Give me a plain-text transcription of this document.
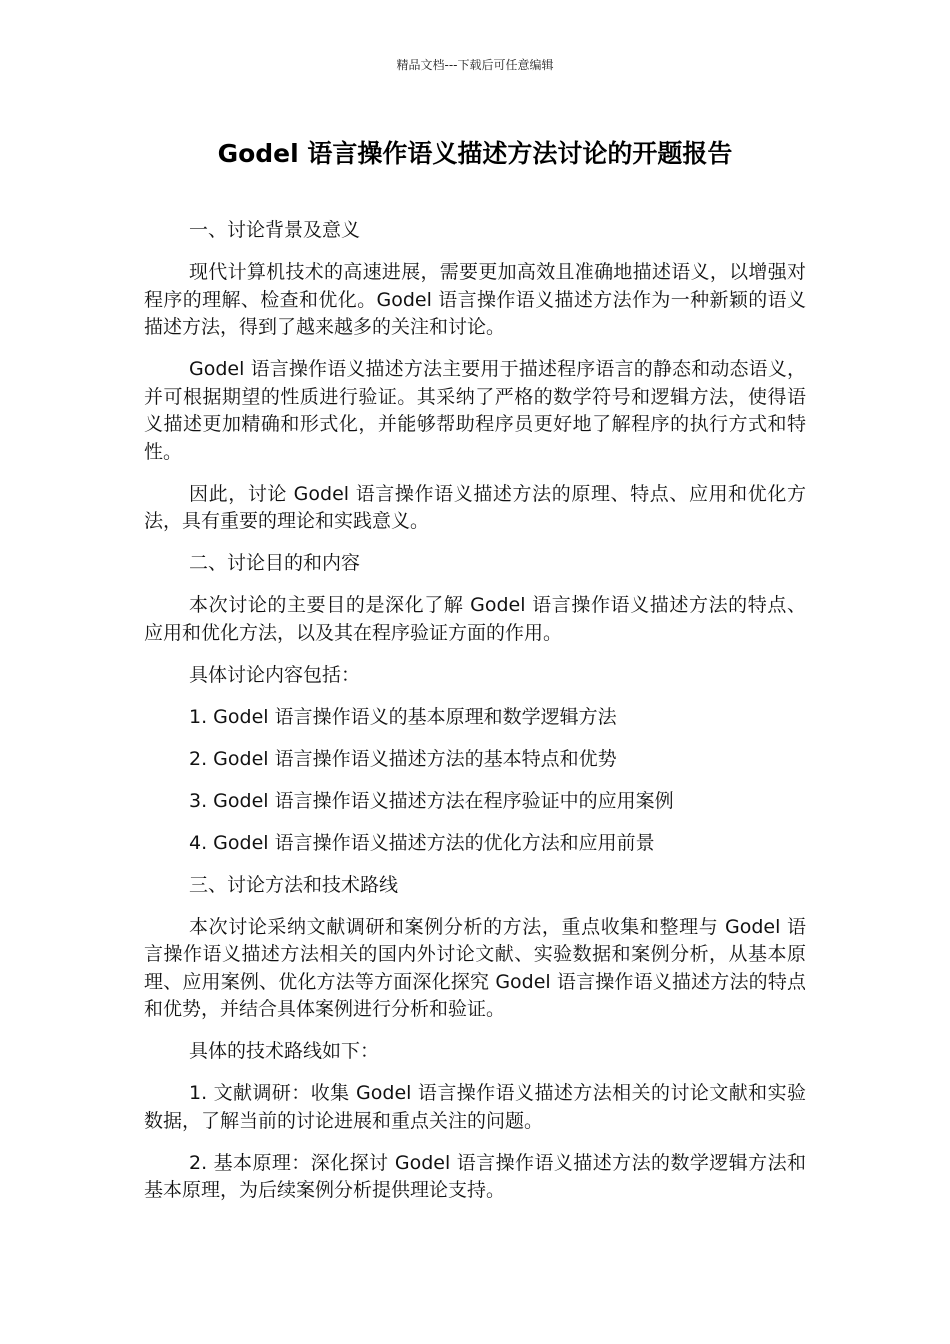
精品文档---下载后可任意编辑
Godel 语言操作语义描述方法讨论的开题报告

一、讨论背景及意义

现代计算机技术的高速进展，需要更加高效且准确地描述语义，以增强对程序的理解、检查和优化。Godel 语言操作语义描述方法作为一种新颖的语义描述方法，得到了越来越多的关注和讨论。

Godel 语言操作语义描述方法主要用于描述程序语言的静态和动态语义，并可根据期望的性质进行验证。其采纳了严格的数学符号和逻辑方法，使得语义描述更加精确和形式化，并能够帮助程序员更好地了解程序的执行方式和特性。

因此，讨论 Godel 语言操作语义描述方法的原理、特点、应用和优化方法，具有重要的理论和实践意义。

二、讨论目的和内容

本次讨论的主要目的是深化了解 Godel 语言操作语义描述方法的特点、应用和优化方法，以及其在程序验证方面的作用。

具体讨论内容包括：

1. Godel 语言操作语义的基本原理和数学逻辑方法

2. Godel 语言操作语义描述方法的基本特点和优势

3. Godel 语言操作语义描述方法在程序验证中的应用案例

4. Godel 语言操作语义描述方法的优化方法和应用前景

三、讨论方法和技术路线

本次讨论采纳文献调研和案例分析的方法，重点收集和整理与 Godel 语言操作语义描述方法相关的国内外讨论文献、实验数据和案例分析，从基本原理、应用案例、优化方法等方面深化探究 Godel 语言操作语义描述方法的特点和优势，并结合具体案例进行分析和验证。

具体的技术路线如下：

1. 文献调研：收集 Godel 语言操作语义描述方法相关的讨论文献和实验数据，了解当前的讨论进展和重点关注的问题。

2. 基本原理：深化探讨 Godel 语言操作语义描述方法的数学逻辑方法和基本原理，为后续案例分析提供理论支持。
